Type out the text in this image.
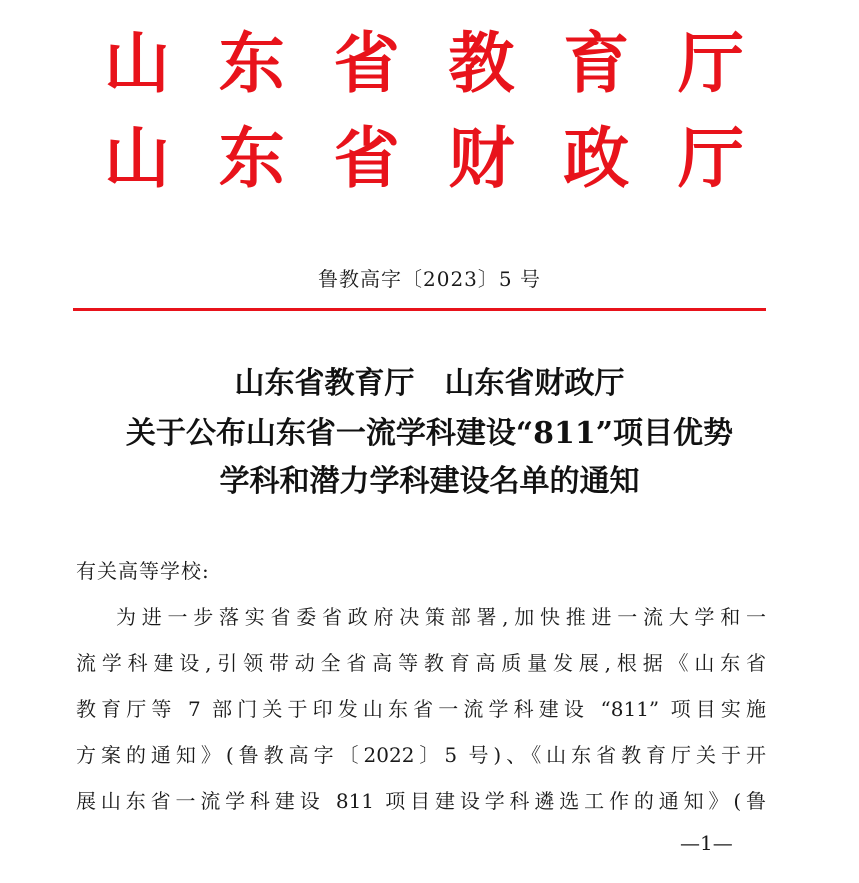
山 东 省 教 育 厅
山 东 省 财 政 厅
鲁教高字〔2023〕5 号
山东省教育厅　山东省财政厅
关于公布山东省一流学科建设“811”项目优势
学科和潜力学科建设名单的通知
有关高等学校:
为进一步落实省委省政府决策部署,加快推进一流大学和一
流学科建设,引领带动全省高等教育高质量发展,根据《山东省
教育厅等 7 部门关于印发山东省一流学科建设 “811” 项目实施
方案的通知》(鲁教高字〔2022〕5 号)、《山东省教育厅关于开
展山东省一流学科建设 811 项目建设学科遴选工作的通知》(鲁
—1—
